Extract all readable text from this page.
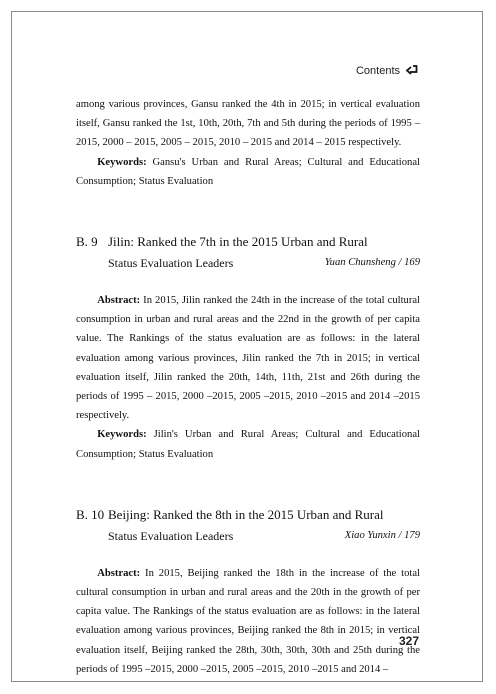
Contents

among various provinces, Gansu ranked the 4th in 2015; in vertical evaluation itself, Gansu ranked the 1st, 10th, 20th, 7th and 5th during the periods of 1995 – 2015, 2000 – 2015, 2005 – 2015, 2010 – 2015 and 2014 – 2015 respectively.

Keywords: Gansu's Urban and Rural Areas; Cultural and Educational Consumption; Status Evaluation

B. 9 Jilin: Ranked the 7th in the 2015 Urban and Rural
Status Evaluation Leaders	Yuan Chunsheng / 169

Abstract: In 2015, Jilin ranked the 24th in the increase of the total cultural consumption in urban and rural areas and the 22nd in the growth of per capita value. The Rankings of the status evaluation are as follows: in the lateral evaluation among various provinces, Jilin ranked the 7th in 2015; in vertical evaluation itself, Jilin ranked the 20th, 14th, 11th, 21st and 26th during the periods of 1995 – 2015, 2000 –2015, 2005 –2015, 2010 –2015 and 2014 –2015 respectively.

Keywords: Jilin's Urban and Rural Areas; Cultural and Educational Consumption; Status Evaluation

B. 10 Beijing: Ranked the 8th in the 2015 Urban and Rural
Status Evaluation Leaders	Xiao Yunxin / 179

Abstract: In 2015, Beijing ranked the 18th in the increase of the total cultural consumption in urban and rural areas and the 20th in the growth of per capita value. The Rankings of the status evaluation are as follows: in the lateral evaluation among various provinces, Beijing ranked the 8th in 2015; in vertical evaluation itself, Beijing ranked the 28th, 30th, 30th, 30th and 25th during the periods of 1995 –2015, 2000 –2015, 2005 –2015, 2010 –2015 and 2014 –

327
